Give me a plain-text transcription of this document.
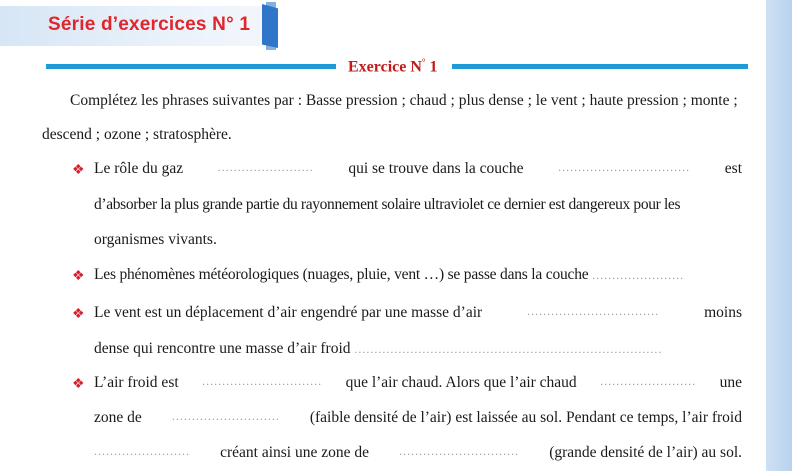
Série d’exercices N° 1
Exercice N° 1
Complétez les phrases suivantes par : Basse pression ; chaud ; plus dense ; le vent ; haute pression ; monte ;
descend ; ozone ; stratosphère.
❖ Le rôle du gaz	........................ qui se trouve dans la couche	................................. est
d’absorber la plus grande partie du rayonnement solaire ultraviolet ce dernier est dangereux pour les
organismes vivants.
❖ Les phénomènes météorologiques (nuages, pluie, vent …) se passe dans la couche .......................
❖ Le vent est un déplacement d’air engendré par une masse d’air	.................................	moins
dense qui rencontre une masse d’air froid .............................................................................
❖ L’air froid est .............................. que l’air chaud. Alors que l’air chaud ........................ une
zone de	........................... (faible densité de l’air) est laissée au sol. Pendant ce temps, l’air froid
........................ créant ainsi une zone de	.............................. (grande densité de l’air) au sol.
